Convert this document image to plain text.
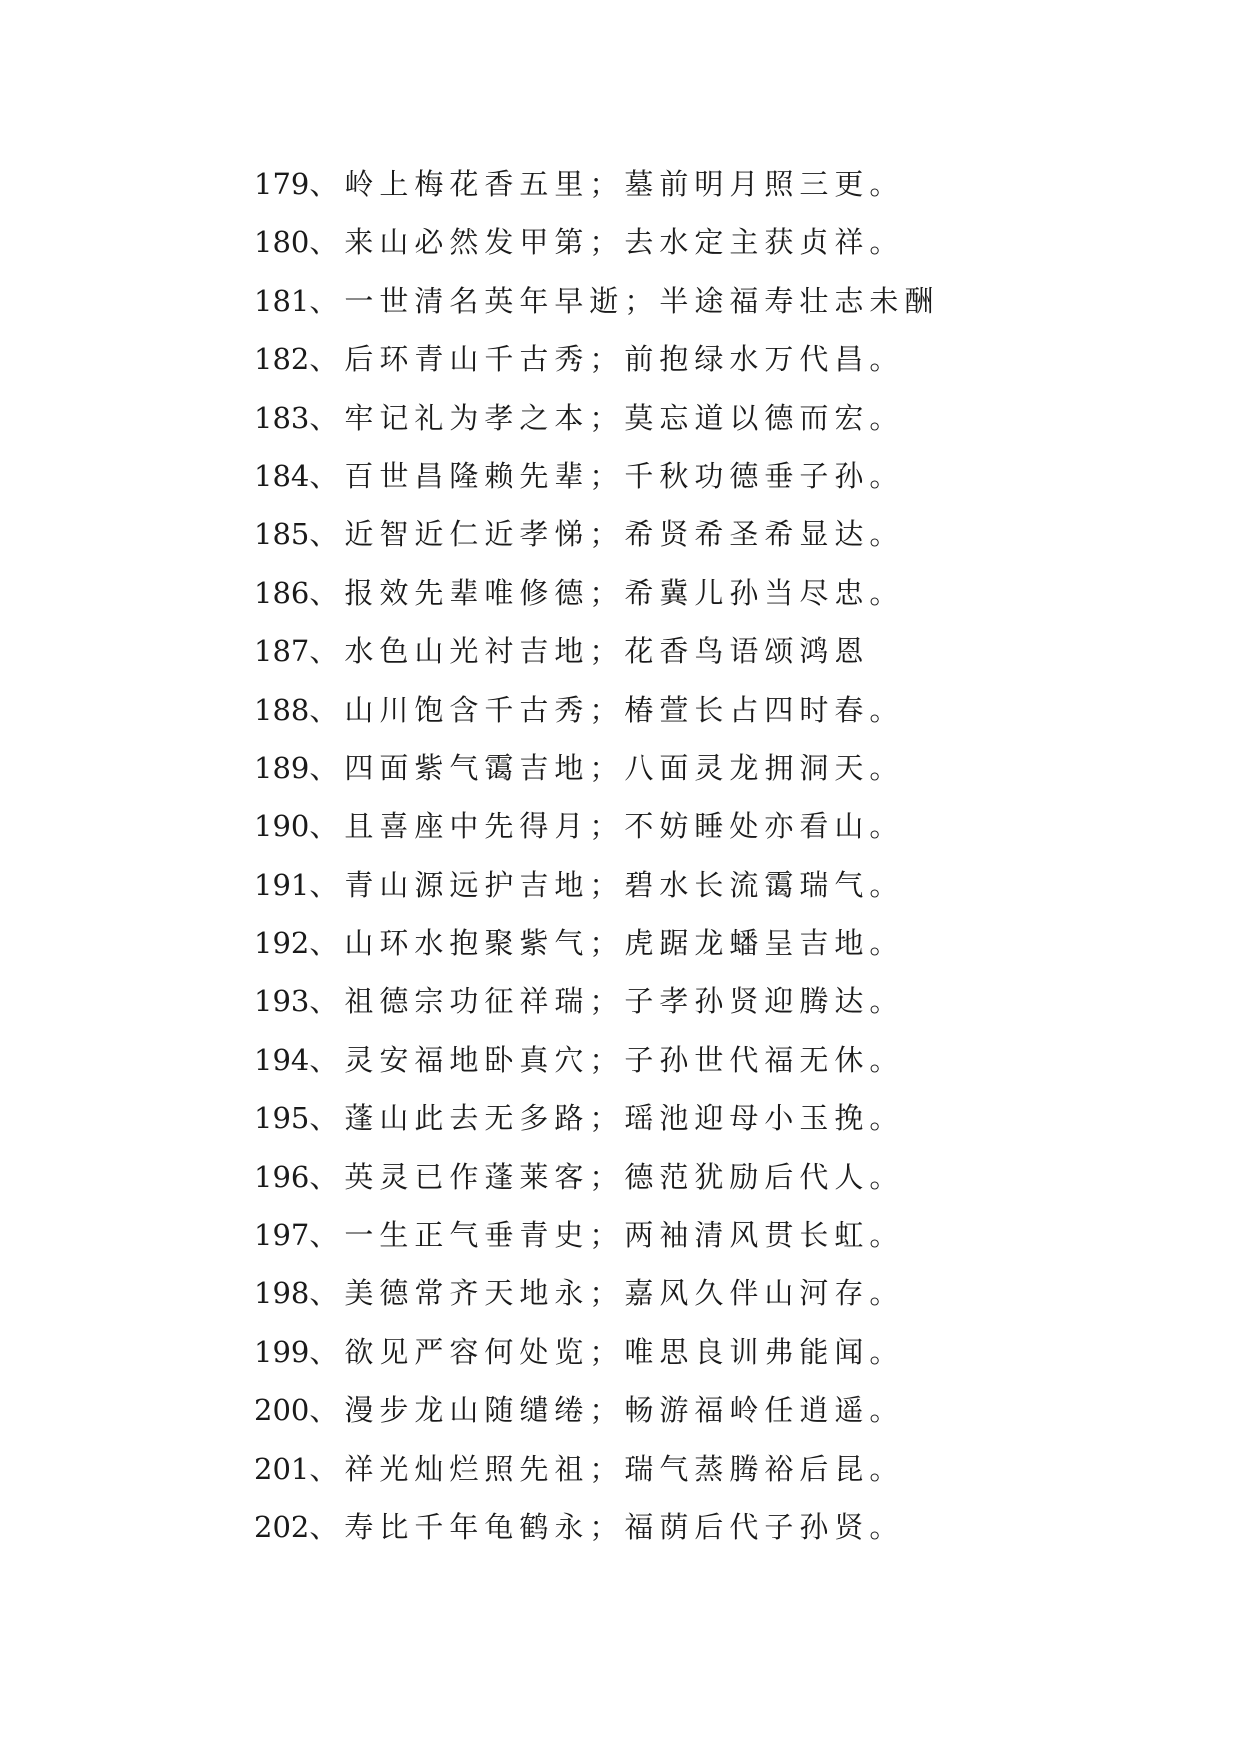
179、岭上梅花香五里；墓前明月照三更。
180、来山必然发甲第；去水定主获贞祥。
181、一世清名英年早逝；半途福寿壮志未酬
182、后环青山千古秀；前抱绿水万代昌。
183、牢记礼为孝之本；莫忘道以德而宏。
184、百世昌隆赖先辈；千秋功德垂子孙。
185、近智近仁近孝悌；希贤希圣希显达。
186、报效先辈唯修德；希冀儿孙当尽忠。
187、水色山光衬吉地；花香鸟语颂鸿恩
188、山川饱含千古秀；椿萱长占四时春。
189、四面紫气霭吉地；八面灵龙拥洞天。
190、且喜座中先得月；不妨睡处亦看山。
191、青山源远护吉地；碧水长流霭瑞气。
192、山环水抱聚紫气；虎踞龙蟠呈吉地。
193、祖德宗功征祥瑞；子孝孙贤迎腾达。
194、灵安福地卧真穴；子孙世代福无休。
195、蓬山此去无多路；瑶池迎母小玉挽。
196、英灵已作蓬莱客；德范犹励后代人。
197、一生正气垂青史；两袖清风贯长虹。
198、美德常齐天地永；嘉风久伴山河存。
199、欲见严容何处览；唯思良训弗能闻。
200、漫步龙山随缱绻；畅游福岭任逍遥。
201、祥光灿烂照先祖；瑞气蒸腾裕后昆。
202、寿比千年龟鹤永；福荫后代子孙贤。
